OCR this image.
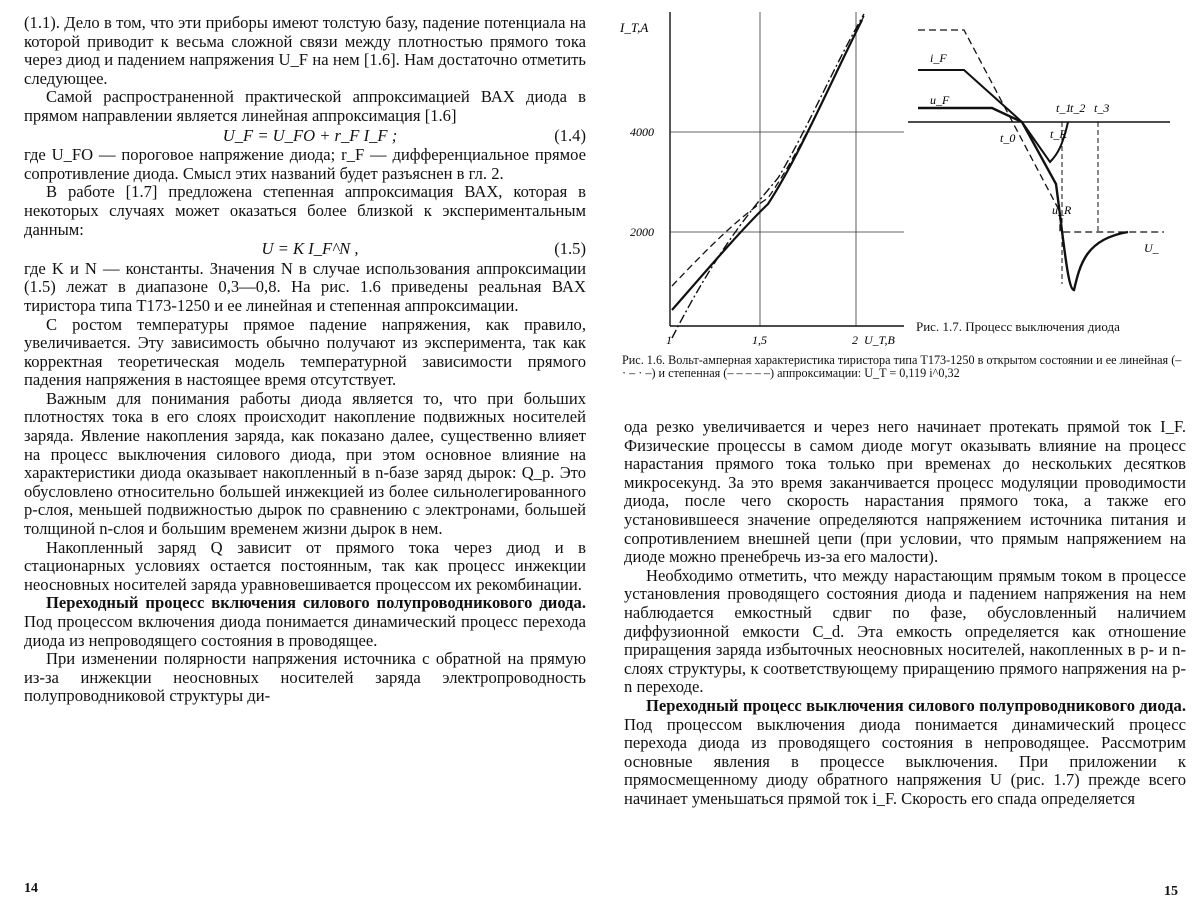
(1.1). Дело в том, что эти приборы имеют толстую базу, падение потенциала на которой приводит к весьма сложной связи между плотностью прямого тока через диод и падением напряжения U_F на нем [1.6]. Нам достаточно отметить следующее.

Самой распространенной практической аппроксимацией ВАХ диода в прямом направлении является линейная аппроксимация [1.6]

U_F = U_FO + r_F I_F ;	(1.4)

где U_FO — пороговое напряжение диода; r_F — дифференциальное прямое сопротивление диода. Смысл этих названий будет разъяснен в гл. 2.

В работе [1.7] предложена степенная аппроксимация ВАХ, которая в некоторых случаях может оказаться более близкой к экспериментальным данным:

U = K I_F^N ,	(1.5)

где K и N — константы. Значения N в случае использования аппроксимации (1.5) лежат в диапазоне 0,3—0,8. На рис. 1.6 приведены реальная ВАХ тиристора типа Т173-1250 и ее линейная и степенная аппроксимации.

С ростом температуры прямое падение напряжения, как правило, увеличивается. Эту зависимость обычно получают из эксперимента, так как корректная теоретическая модель температурной зависимости прямого падения напряжения в настоящее время отсутствует.

Важным для понимания работы диода является то, что при больших плотностях тока в его слоях происходит накопление подвижных носителей заряда. Явление накопления заряда, как показано далее, существенно влияет на процесс выключения силового диода, при этом основное влияние на характеристики диода оказывает накопленный в n-базе заряд дырок: Q_p. Это обусловлено относительно большей инжекцией из более сильнолегированного p-слоя, меньшей подвижностью дырок по сравнению с электронами, большей толщиной n-слоя и большим временем жизни дырок в нем.

Накопленный заряд Q зависит от прямого тока через диод и в стационарных условиях остается постоянным, так как процесс инжекции неосновных носителей заряда уравновешивается процессом их рекомбинации.

Переходный процесс включения силового полупроводникового диода. Под процессом включения диода понимается динамический процесс перехода диода из непроводящего состояния в проводящее.

При изменении полярности напряжения источника с обратной на прямую из-за инжекции неосновных носителей заряда электропроводность полупроводниковой структуры ди-

14
I_T,A
4000
2000
1	1,5	2 U_T,B
Рис. 1.6. Вольт-амперная характеристика тиристора типа Т173-1250 в открытом состоянии и ее линейная (– · – · –) и степенная (– – – – –) аппроксимации: U_T = 0,119 i^0,32
i_F
u_F
t_0
t_1
t_2 t_3
t_R
u_R
U_
Рис. 1.7. Процесс выключения диода

ода резко увеличивается и через него начинает протекать прямой ток I_F. Физические процессы в самом диоде могут оказывать влияние на процесс нарастания прямого тока только при временах до нескольких десятков микросекунд. За это время заканчивается процесс модуляции проводимости диода, после чего скорость нарастания прямого тока, а также его установившееся значение определяются напряжением источника питания и сопротивлением внешней цепи (при условии, что прямым напряжением на диоде можно пренебречь из-за его малости).

Необходимо отметить, что между нарастающим прямым током в процессе установления проводящего состояния диода и падением напряжения на нем наблюдается емкостный сдвиг по фазе, обусловленный наличием диффузионной емкости C_d. Эта емкость определяется как отношение приращения заряда избыточных неосновных носителей, накопленных в p- и n-слоях структуры, к соответствующему приращению прямого напряжения на p-n переходе.

Переходный процесс выключения силового полупроводникового диода. Под процессом выключения диода понимается динамический процесс перехода диода из проводящего состояния в непроводящее. Рассмотрим основные явления в процессе выключения. При приложении к прямосмещенному диоду обратного напряжения U (рис. 1.7) прежде всего начинает уменьшаться прямой ток i_F. Скорость его спада определяется

15
